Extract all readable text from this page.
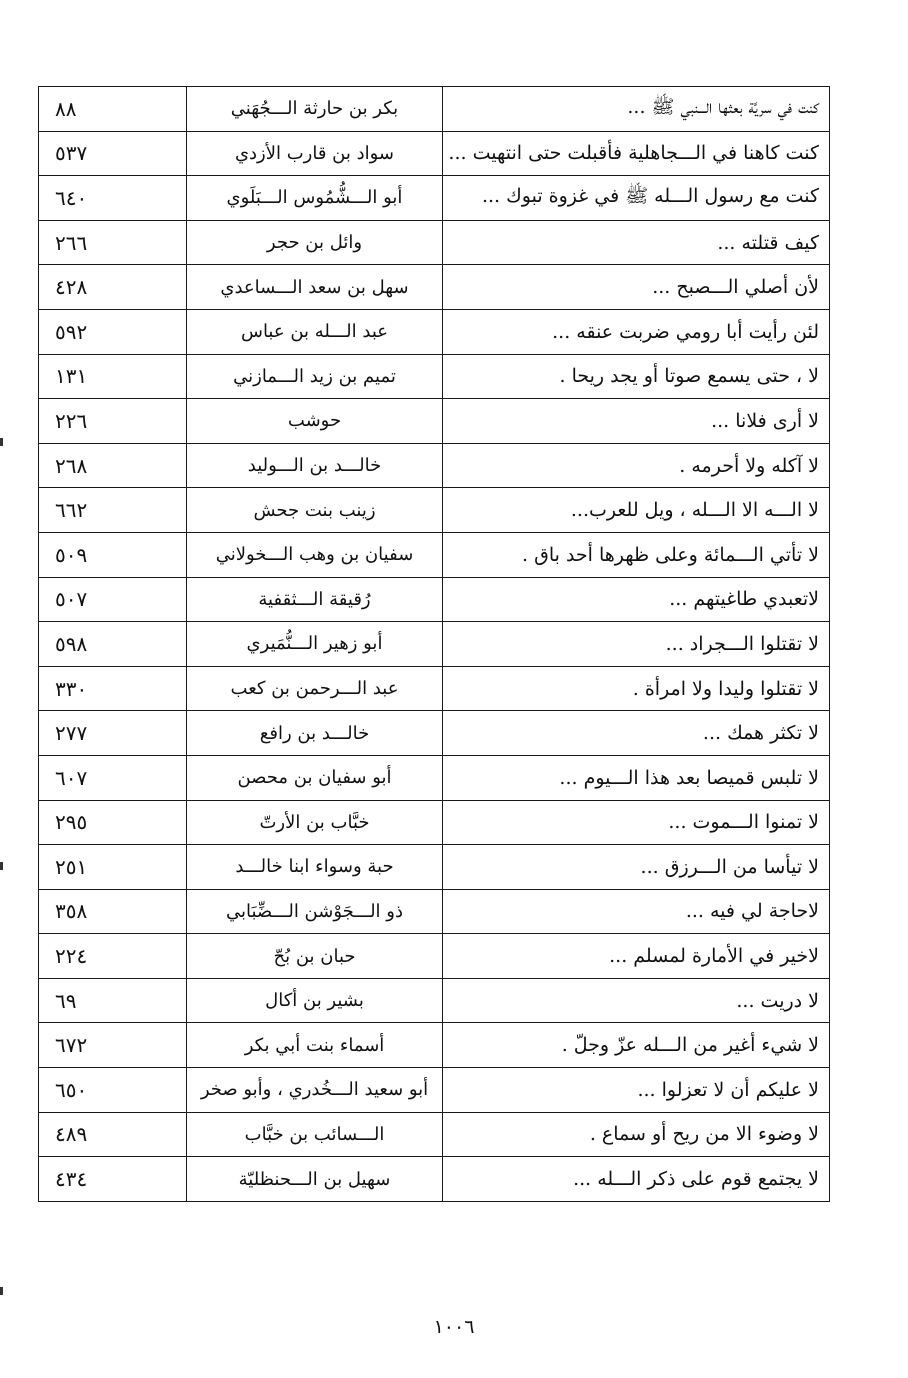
٨٨	بكر بن حارثة الـــجُهَني	كنت في سريَّة بعثها الـــنبي ﷺ ...
٥٣٧	سواد بن قارب الأزدي	كنت كاهنا في الـــجاهلية فأقبلت حتى انتهيت ...
٦٤٠	أبو الـــشُّمُوس الـــبَلَوي	كنت مع رسول الـــله ﷺ في غزوة تبوك ...
٢٦٦	وائل بن حجر	كيف قتلته ...
٤٢٨	سهل بن سعد الـــساعدي	لأن أصلي الـــصبح ...
٥٩٢	عبد الـــله بن عباس	لئن رأيت أبا رومي ضربت عنقه ...
١٣١	تميم بن زيد الـــمازني	لا ، حتى يسمع صوتا أو يجد ريحا .
٢٢٦	حوشب	لا أرى فلانا ...
٢٦٨	خالـــد بن الـــوليد	لا آكله ولا أحرمه .
٦٦٢	زينب بنت جحش	لا الـــه الا الـــله ، ويل للعرب...
٥٠٩	سفيان بن وهب الـــخولاني	لا تأتي الـــمائة وعلى ظهرها أحد باق .
٥٠٧	رُقيقة الـــثقفية	لاتعبدي طاغيتهم ...
٥٩٨	أبو زهير الـــنُّمَيري	لا تقتلوا الـــجراد ...
٣٣٠	عبد الـــرحمن بن كعب	لا تقتلوا وليدا ولا امرأة .
٢٧٧	خالـــد بن رافع	لا تكثر همك ...
٦٠٧	أبو سفيان بن محصن	لا تلبس قميصا بعد هذا الـــيوم ...
٢٩٥	خبَّاب بن الأرتّ	لا تمنوا الـــموت ...
٢٥١	حبة وسواء ابنا خالـــد	لا تيأسا من الـــرزق ...
٣٥٨	ذو الـــجَوْشن الـــضِّبَابي	لاحاجة لي فيه ...
٢٢٤	حبان بن بُحّ	لاخير في الأمارة لمسلم ...
٦٩	بشير بن أكال	لا دريت ...
٦٧٢	أسماء بنت أبي بكر	لا شيء أغير من الـــله عزّ وجلّ .
٦٥٠	أبو سعيد الـــخُدري ، وأبو صخر	لا عليكم أن لا تعزلوا ...
٤٨٩	الـــسائب بن خبَّاب	لا وضوء الا من ريح أو سماع .
٤٣٤	سهيل بن الـــحنظليّة	لا يجتمع قوم على ذكر الـــله ...
١٠٠٦
